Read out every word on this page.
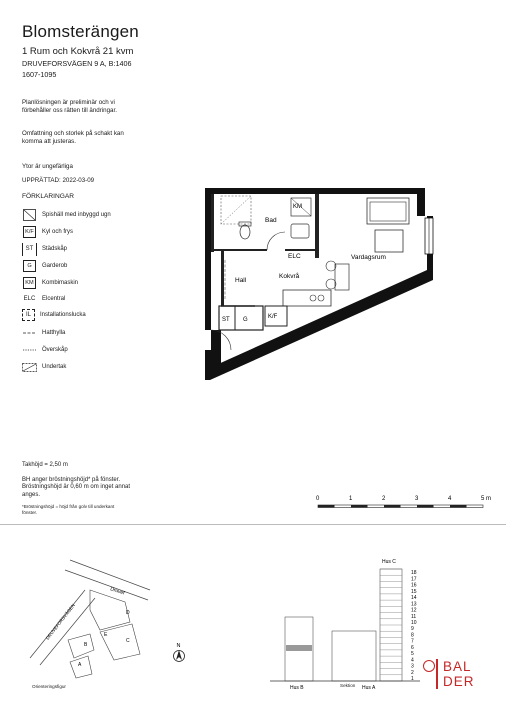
Blomsterängen
1 Rum och Kokvrå 21 kvm
DRUVEFORSVÄGEN 9 A, B:1406
1607-1095
Planlösningen är preliminär och vi förbehåller oss rätten till ändringar.
Omfattning och storlek på schakt kan komma att justeras.
Ytor är ungefärliga
UPPRÄTTAD: 2022-03-09
FÖRKLARINGAR
Spishäll med inbyggd ugn
K/F	Kyl och frys
ST	Städskåp
G	Garderob
KM	Kombimaskin
ELC Elcentral
IL	Installationslucka
Hatthylla
Överskåp
Undertak
Bad
KM
ELC	Vardagsrum
Kokvrå
Hall
K/F
ST G
Takhöjd = 2,50 m
BH anger bröstningshöjd* på fönster. Bröstningshöjd är 0,60 m om inget annat anges.
*Bröstningshöjd = höjd från golv till underkant fönster.
0	1	2	3	4	5 m
Druvef
DRUVEFORSVÄGEN	D
E
C
B
A
Orienteringsfigur
N
18
17
16
15
14
13
12
11
10
9
8
7
6
5
4
3
2
1
Hus C
Hus B	Hus A
Sektion
BAL
DER
